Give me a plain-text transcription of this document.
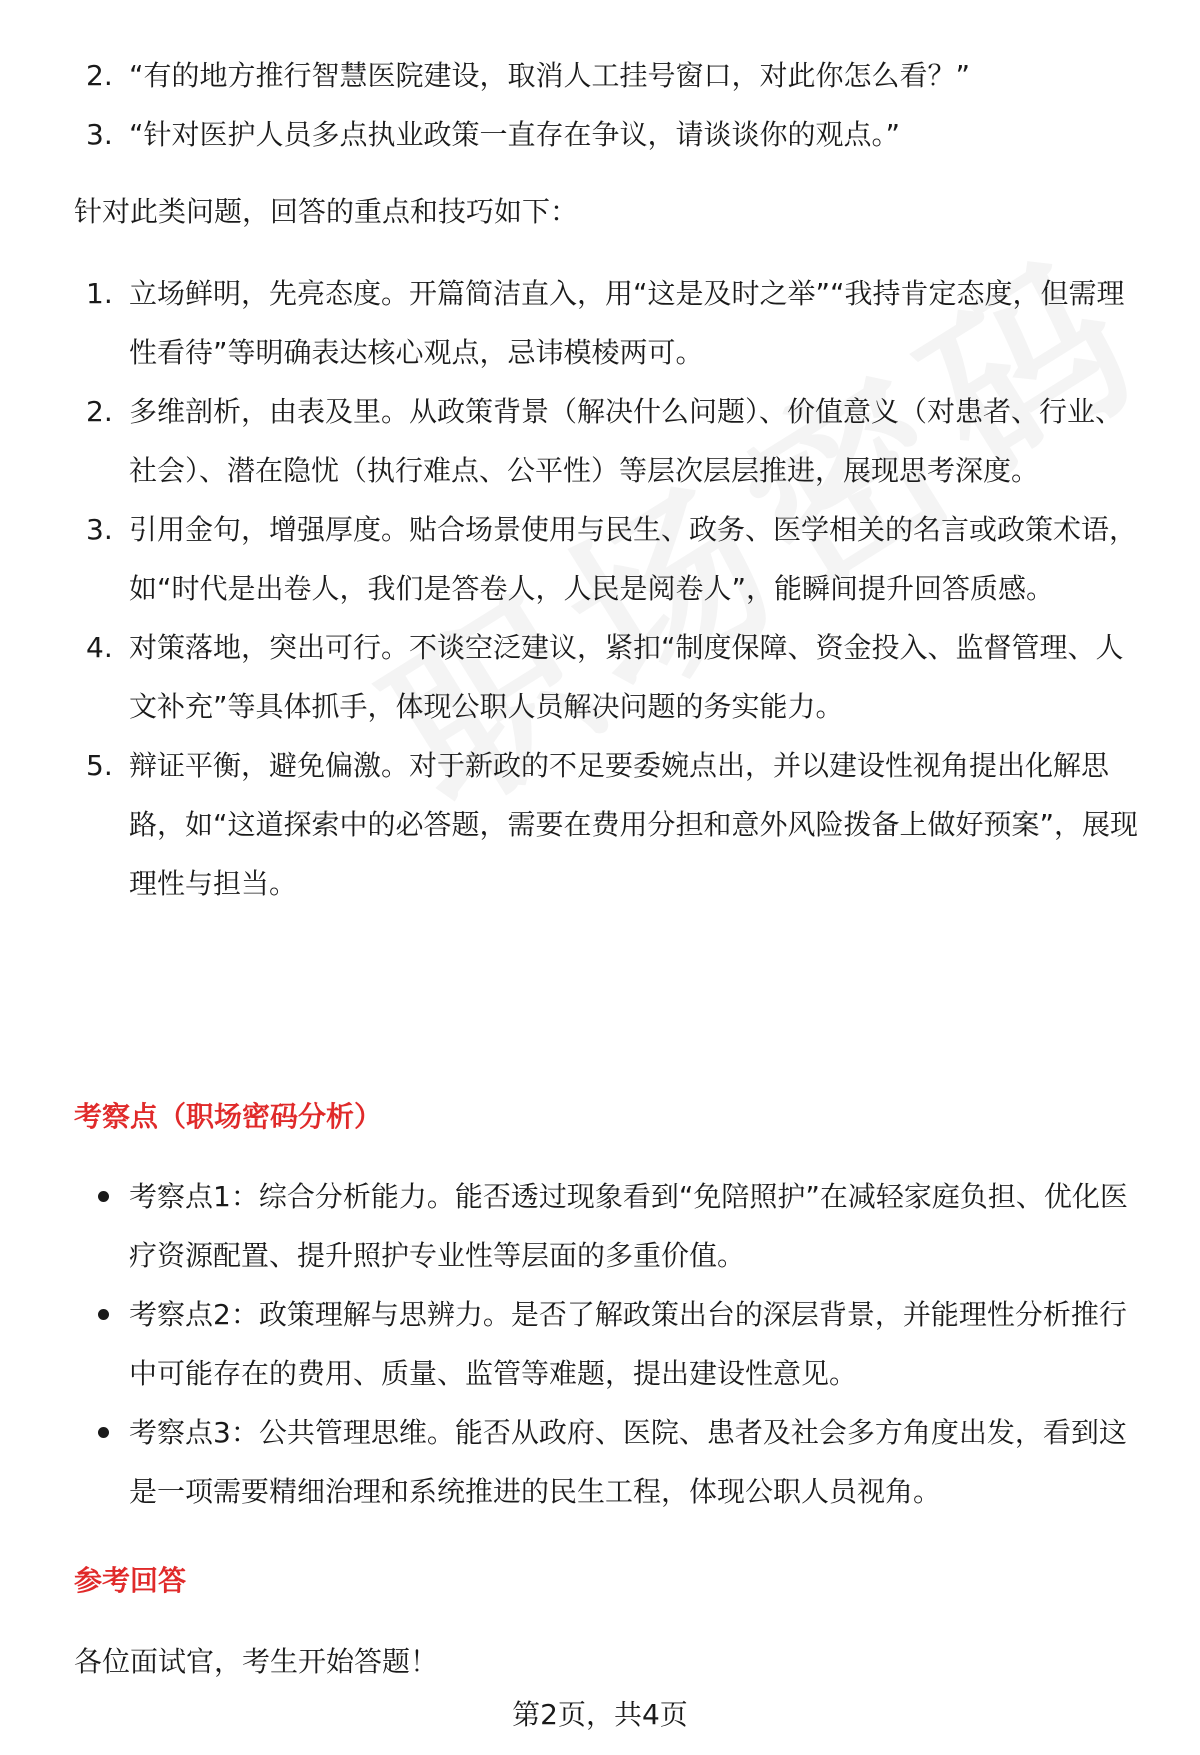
2. “有的地方推行智慧医院建设，取消人工挂号窗口，对此你怎么看？”
3. “针对医护人员多点执业政策一直存在争议，请谈谈你的观点。”
针对此类问题，回答的重点和技巧如下：
1. 立场鲜明，先亮态度。开篇简洁直入，用“这是及时之举”“我持肯定态度，但需理性看待”等明确表达核心观点，忌讳模棱两可。
2. 多维剖析，由表及里。从政策背景（解决什么问题）、价值意义（对患者、行业、社会）、潜在隐忧（执行难点、公平性）等层次层层推进，展现思考深度。
3. 引用金句，增强厚度。贴合场景使用与民生、政务、医学相关的名言或政策术语，如“时代是出卷人，我们是答卷人，人民是阅卷人”，能瞬间提升回答质感。
4. 对策落地，突出可行。不谈空泛建议，紧扣“制度保障、资金投入、监督管理、人文补充”等具体抓手，体现公职人员解决问题的务实能力。
5. 辩证平衡，避免偏激。对于新政的不足要委婉点出，并以建设性视角提出化解思路，如“这道探索中的必答题，需要在费用分担和意外风险拨备上做好预案”，展现理性与担当。
考察点（职场密码分析）
考察点1：综合分析能力。能否透过现象看到“免陪照护”在减轻家庭负担、优化医疗资源配置、提升照护专业性等层面的多重价值。
考察点2：政策理解与思辨力。是否了解政策出台的深层背景，并能理性分析推行中可能存在的费用、质量、监管等难题，提出建设性意见。
考察点3：公共管理思维。能否从政府、医院、患者及社会多方角度出发，看到这是一项需要精细治理和系统推进的民生工程，体现公职人员视角。
参考回答
各位面试官，考生开始答题！
第2页，共4页
